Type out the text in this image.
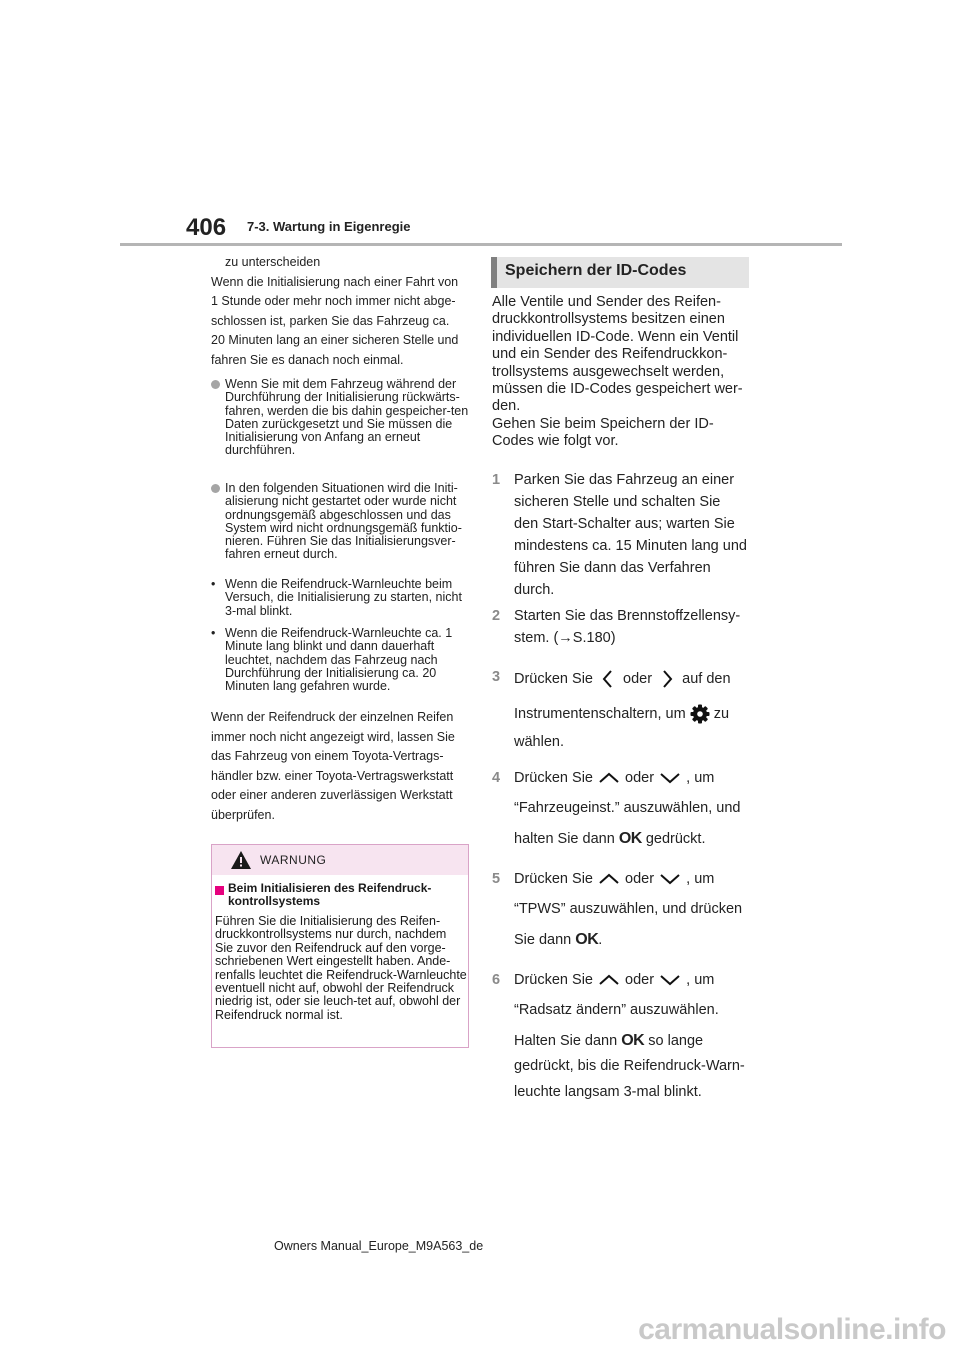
406 7-3. Wartung in Eigenregie

zu unterscheiden

Wenn die Initialisierung nach einer Fahrt von

1 Stunde oder mehr noch immer nicht abge-

schlossen ist, parken Sie das Fahrzeug ca.

20 Minuten lang an einer sicheren Stelle und

fahren Sie es danach noch einmal.

Wenn Sie mit dem Fahrzeug während der Durchführung der Initialisierung rückwärts-fahren, werden die bis dahin gespeicher-ten Daten zurückgesetzt und Sie müssen die Initialisierung von Anfang an erneut durchführen.
In den folgenden Situationen wird die Initi-alisierung nicht gestartet oder wurde nicht ordnungsgemäß abgeschlossen und das System wird nicht ordnungsgemäß funktio-nieren. Führen Sie das Initialisierungsver-fahren erneut durch.
• Wenn die Reifendruck-Warnleuchte beim Versuch, die Initialisierung zu starten, nicht 3-mal blinkt.
• Wenn die Reifendruck-Warnleuchte ca. 1 Minute lang blinkt und dann dauerhaft leuchtet, nachdem das Fahrzeug nach Durchführung der Initialisierung ca. 20 Minuten lang gefahren wurde.

Wenn der Reifendruck der einzelnen Reifen

immer noch nicht angezeigt wird, lassen Sie

das Fahrzeug von einem Toyota-Vertrags-

händler bzw. einer Toyota-Vertragswerkstatt

oder einer anderen zuverlässigen Werkstatt

überprüfen.

WARNUNG
Beim Initialisieren des Reifendruck-kontrollsystems
Führen Sie die Initialisierung des Reifen-druckkontrollsystems nur durch, nachdem Sie zuvor den Reifendruck auf den vorge-schriebenen Wert eingestellt haben. Ande-renfalls leuchtet die Reifendruck-Warnleuchte eventuell nicht auf, obwohl der Reifendruck niedrig ist, oder sie leuch-tet auf, obwohl der Reifendruck normal ist.
Speichern der ID-Codes

Alle Ventile und Sender des Reifen-

druckkontrollsystems besitzen einen

individuellen ID-Code. Wenn ein Ventil

und ein Sender des Reifendruckkon-

trollsystems ausgewechselt werden,

müssen die ID-Codes gespeichert wer-

den.

Gehen Sie beim Speichern der ID-

Codes wie folgt vor.

1 Parken Sie das Fahrzeug an einer
sicheren Stelle und schalten Sie
den Start-Schalter aus; warten Sie
mindestens ca. 15 Minuten lang und
führen Sie dann das Verfahren
durch.
2 Starten Sie das Brennstoffzellensy-
stem. (→S.180)
3 Drücken Sie oder auf den
Instrumentenschaltern, um zu
wählen.
4 Drücken Sie oder , um
“Fahrzeugeinst.” auszuwählen, und
halten Sie dann OK gedrückt.
5 Drücken Sie oder , um
“TPWS” auszuwählen, und drücken
Sie dann OK.
6 Drücken Sie oder , um
“Radsatz ändern” auszuwählen.
Halten Sie dann OK so lange
gedrückt, bis die Reifendruck-Warn-
leuchte langsam 3-mal blinkt.
Owners Manual_Europe_M9A563_de
carmanualsonline.info
